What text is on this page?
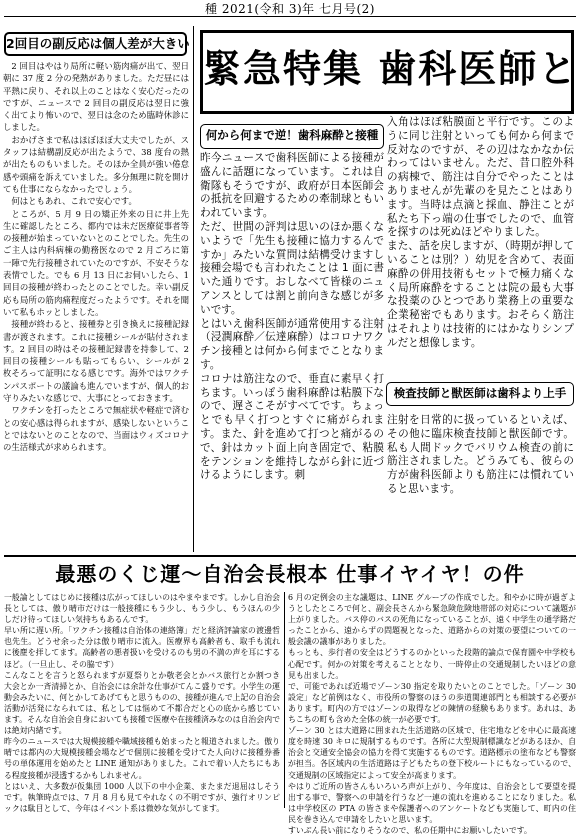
種 2021(令和 3)年 七月号(2)
2回目の副反応は個人差が大きい

2 回目はやはり局所に軽い筋肉痛が出て、翌日朝に 37 度 2 分の発熱がありました。ただ昼には平熱に戻り、それ以上のことはなく安心だったのですが、ニュースで 2 回目の副反応は翌日に強く出てより怖いので、翌日は念のため臨時休診にしました。

おかげさまで私はほぼほぼ大丈夫でしたが、スタッフは結構副反応が出たようで、38 度台の熱が出たものもいました。そのほか全員が強い倦怠感や頭痛を訴えていました。多分無理に院を開けても仕事にならなかったでしょう。

何はともあれ、これで安心です。

ところが、5 月 9 日の矯正外来の日に井上先生に確認したところ、都内では未だ医療従事者等の接種が始まっていないとのことでした。先生のご主人は内科病棟の勤務医なので 2 月ごろに第一陣で先行接種されていたのですが、不安そうな表情でした。でも 6 月 13 日にお伺いしたら、1 回目の接種が終わったとのことでした。幸い副反応も局所の筋肉痛程度だったようです。それを聞いて私もホッとしました。

接種が終わると、接種券と引き換えに接種記録書が渡されます。これに接種シールが貼付されます。2 回目の時はその接種記録書を持参して、2 回目の接種シールも貼ってもらい、シールが 2 枚そろって証明になる感じです。海外ではワクチンパスポートの議論も進んでいますが、個人的お守りみたいな感じで、大事にとっておきます。

ワクチンを打ったところで無症状や軽症で済むとの安心感は得られますが、感染しないということではないとのことなので、当面はウィズコロナの生活様式が求められます。

緊急特集 歯科医師と
何から何まで逆！歯科麻酔と接種

昨今ニュースで歯科医師による接種が盛んに話題になっています。これは自衛隊もそうですが、政府が日本医師会の抵抗を回避するための牽制球ともいわれています。

ただ、世間の評判は思いのほか悪くないようで「先生も接種に協力するんですか」みたいな質問は結構受けますし接種会場でも言われたことは 1 面に書いた通りです。おしなべて皆様のニュアンスとしては割と前向きな感じが多いです。

とはいえ歯科医師が通常使用する注射（浸潤麻酔／伝達麻酔）はコロナワクチン接種とは何から何までことなります。

コロナは筋注なので、垂直に素早く打ちます。いっぽう歯科麻酔は粘膜下なので、遅さこそがすべてです。ちょっとでも早く打つとすぐに痛がられます。また、針を進めて打つと痛がるので、針はカット面上向き固定で、粘膜をテンションを維持しながら針に近づけるようにします。刺

入角はほぼ粘膜面と平行です。このように同じ注射といっても何から何まで反対なのですが、その辺はなかなか伝わってはいません。ただ、昔口腔外科の病棟で、筋注は自分でやったことはありませんが先輩のを見たことはあります。当時は点滴と採血、静注ことが私たち下っ端の仕事でしたので、血管を探すのは死ぬほどやりました。

また、話を戻しますが、（時期が押していることは別？）幼児を含めて、表面麻酔の併用技術もセットで極力痛くなく局所麻酔をすることは院の最も大事な投薬のひとつであり業務上の重要な企業秘密でもあります。おそらく筋注はそれよりは技術的にはかなりシンプルだと想像します。

検査技師と獣医師は歯科より上手

注射を日常的に扱っているといえば、その他に臨床検査技師と獣医師です。私も人間ドックでバリウム検査の前に筋注されました。どうみても、彼らの方が歯科医師よりも筋注には慣れていると思います。

最悪のくじ運〜自治会長根本 仕事イヤイヤ！の件

一般論としてはじめに接種は広がってほしいのはやまやまです。しかし自治会長としては、傲り晴市だけは一般接種にもう少し、もう少し、もうほんの少しだけ待ってほしい気持ちもあるんです。

早い所に遅い所。「ワクチン接種は自治体の連絡簿」だと経済評論家の渡邊哲也先生。どうせ余った分は傲り晴市に流入。医療界も高齢者も、取手も流れに後塵を拝してます。高齢者の悪者扱いを受けるのも男の不満の声を耳にするほど。（一旦止し、その脇です）

こんなことを言うと怒られますが夏祭りとか敬老会とかバス旅行とか割つき大会とか一斉清掃とか、自治会には余計な仕事がてんこ盛りです。小学生の運動会みたいに、何とかしてあげてもと思うものの、接種が進んで上記の自治会活動が活発になられては、私としては悩めて不都合だと心の底から感じています。そんな自治会自身においても接種で医療や在接種済みなのは自治会内では絶対内緒です。

昨今のニュースでは大規模接種や職域接種も始まったと報道されました。傲り晴では都内の大規模接種会場などで個別に接種を受けてた人向けに接種券番号の単体運用を始めたと LINE 通知がありました。これで着い人たちにもある程度接種が浸透するかもしれません。

とはいえ、大多数が仮集団 1000 人以下の中小企業、またまだ退屈はしそうです。執筆時点では、7 月 8 月も見てやれなくの不明ですが、強行オリンピックは駄目として、今年はイベント系は微妙な気がしてます。

6 月の定例会の主な議題は、LINE グループの作成でした。和やかに時が過ぎようとしたところで何と、副会長さんから緊急険危険地帯部の対応について議題が上がりました。バス停のバスの死角になっていることが、遠く中学生の通学路だったことから、遠からずの問題視となった、道路からの対策の要望についての一般会議の議事がありました。

もっとも、歩行者の安全はどうするのかといった段階的論点で保育園や中学校も心配です。何かの対策を考えることとなり、一時停止の交通規制したいほどの意見も出ました。

で、可能であれば近場でゾーン30 指定を取りたいとのことでした。「ゾーン 30 設定」など前例はなく、市役所の警察のほうの歩道関連部門とも相談する必要があります。町内の方ではゾーンの取得などの陳情の経験もあります。あれは、あちこちの町も含めた全体の統一が必要です。

ゾーン 30 とは大道路に囲まれた生活道路の区域で、住宅地などを中心に最高速度を時速 30 キロに規制するものです。各所に大型規制標識などがあるほか、自治会と交通安全協会の協力を得て実施するものです。道路標示の塗布なども警察が担当。各区域内の生活道路は子どもたちの登下校ルートにもなっているので、交通規制の区域指定によって安全が高まります。

やはりご近所の皆さんもいろいろ声が上がり、今年度は、自治会として要望を提出する事で、警察への申請を行うなど一連の流れを進めることになりました。私は中学校区の PTA の皆さまや保護者へのアンケートなども実施して、町内の住民を巻き込んで申請をしたいと思います。

すいぶん長い前になりそうなので、私の任期中にお願いしたいです。
